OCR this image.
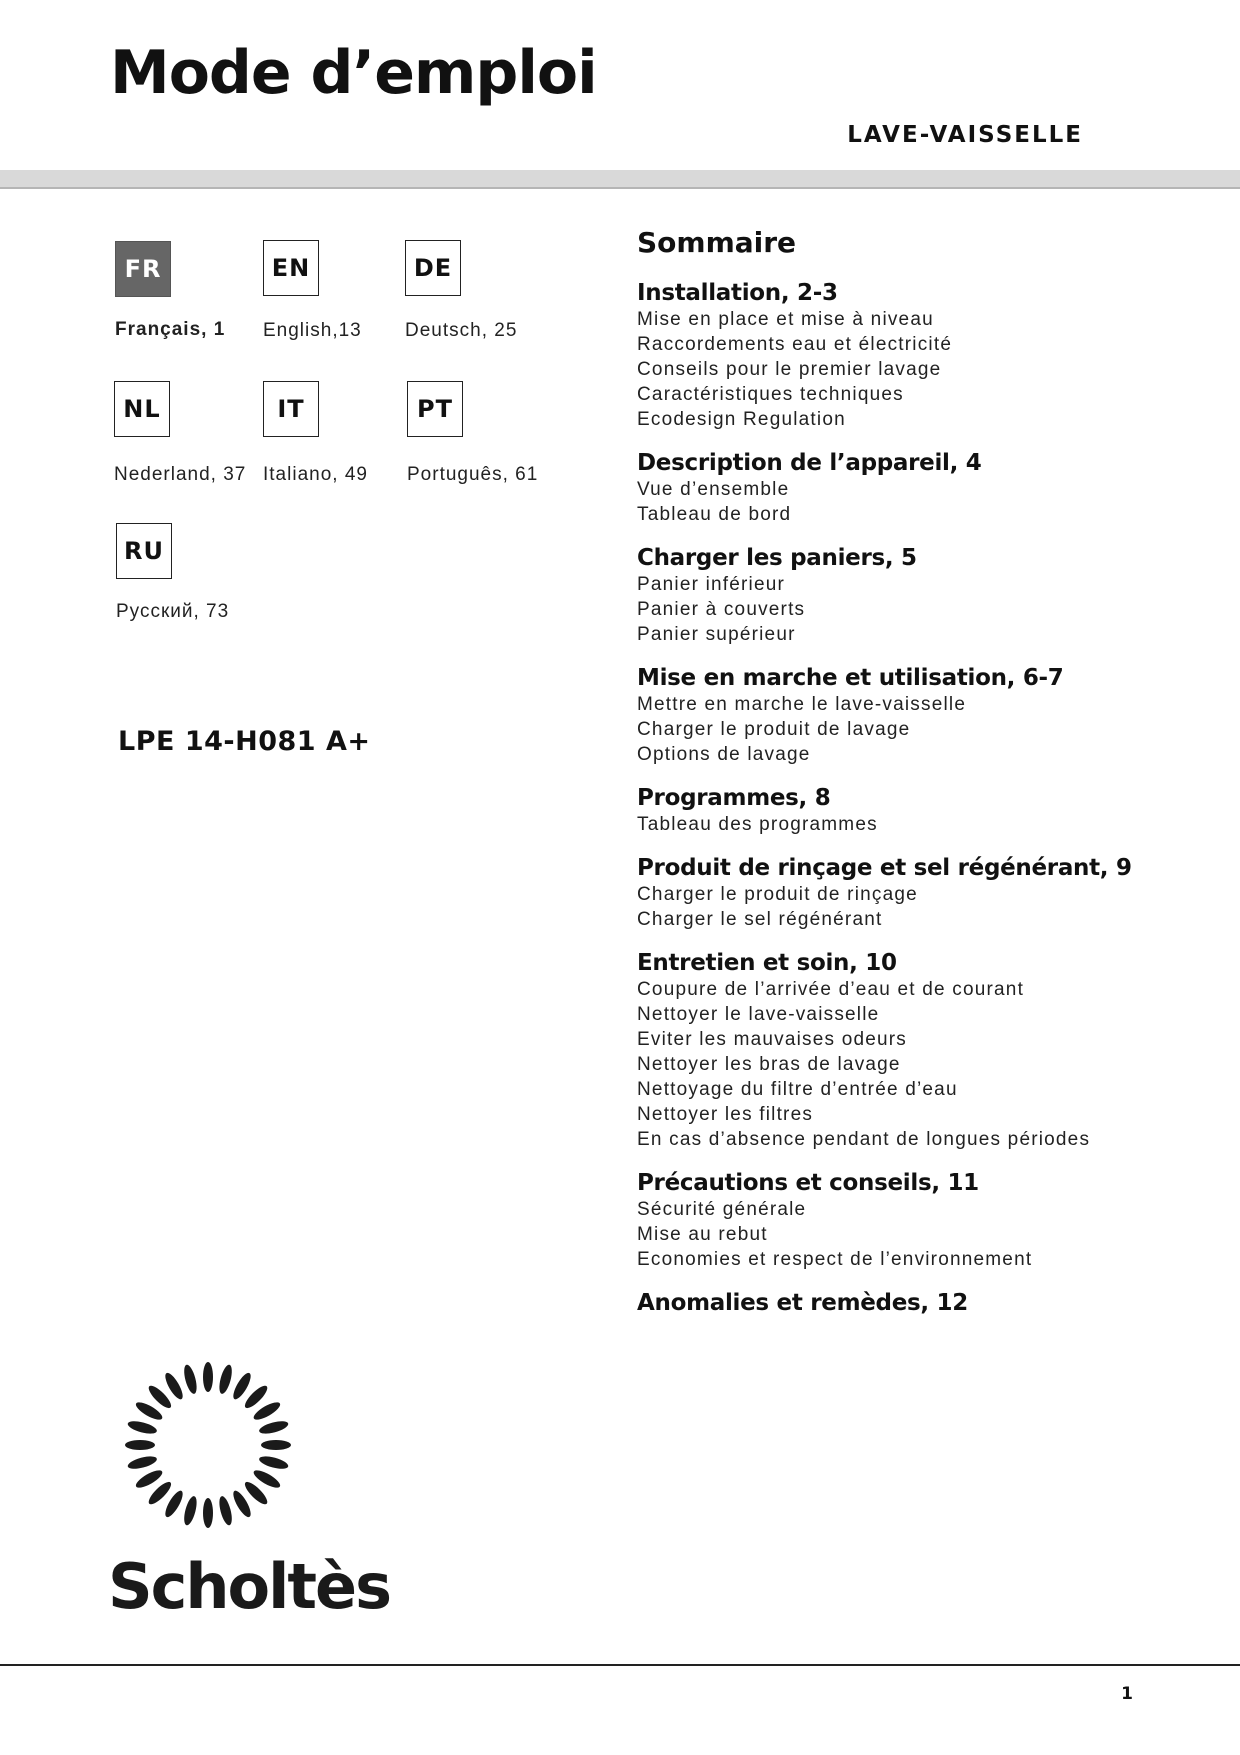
Mode d’emploi
LAVE-VAISSELLE
FR
Français, 1
EN
English,13
DE
Deutsch, 25
NL
Nederland, 37
IT
Italiano, 49
PT
Português, 61
RU
Русский, 73
LPE 14-H081 A+
Sommaire
Installation, 2-3
Mise en place et mise à niveau
Raccordements eau et électricité
Conseils pour le premier lavage
Caractéristiques techniques
Ecodesign Regulation
Description de l’appareil, 4
Vue d’ensemble
Tableau de bord
Charger les paniers, 5
Panier inférieur
Panier à couverts
Panier supérieur
Mise en marche et utilisation, 6-7
Mettre en marche le lave-vaisselle
Charger le produit de lavage
Options de lavage
Programmes, 8
Tableau des programmes
Produit de rinçage et sel régénérant, 9
Charger le produit de rinçage
Charger le sel régénérant
Entretien et soin, 10
Coupure de l’arrivée d’eau et de courant
Nettoyer le lave-vaisselle
Eviter les mauvaises odeurs
Nettoyer les bras de lavage
Nettoyage du filtre d’entrée d’eau
Nettoyer les filtres
En cas d’absence pendant de longues périodes
Précautions et conseils, 11
Sécurité générale
Mise au rebut
Economies et respect de l’environnement
Anomalies et remèdes, 12
Scholtès
1
